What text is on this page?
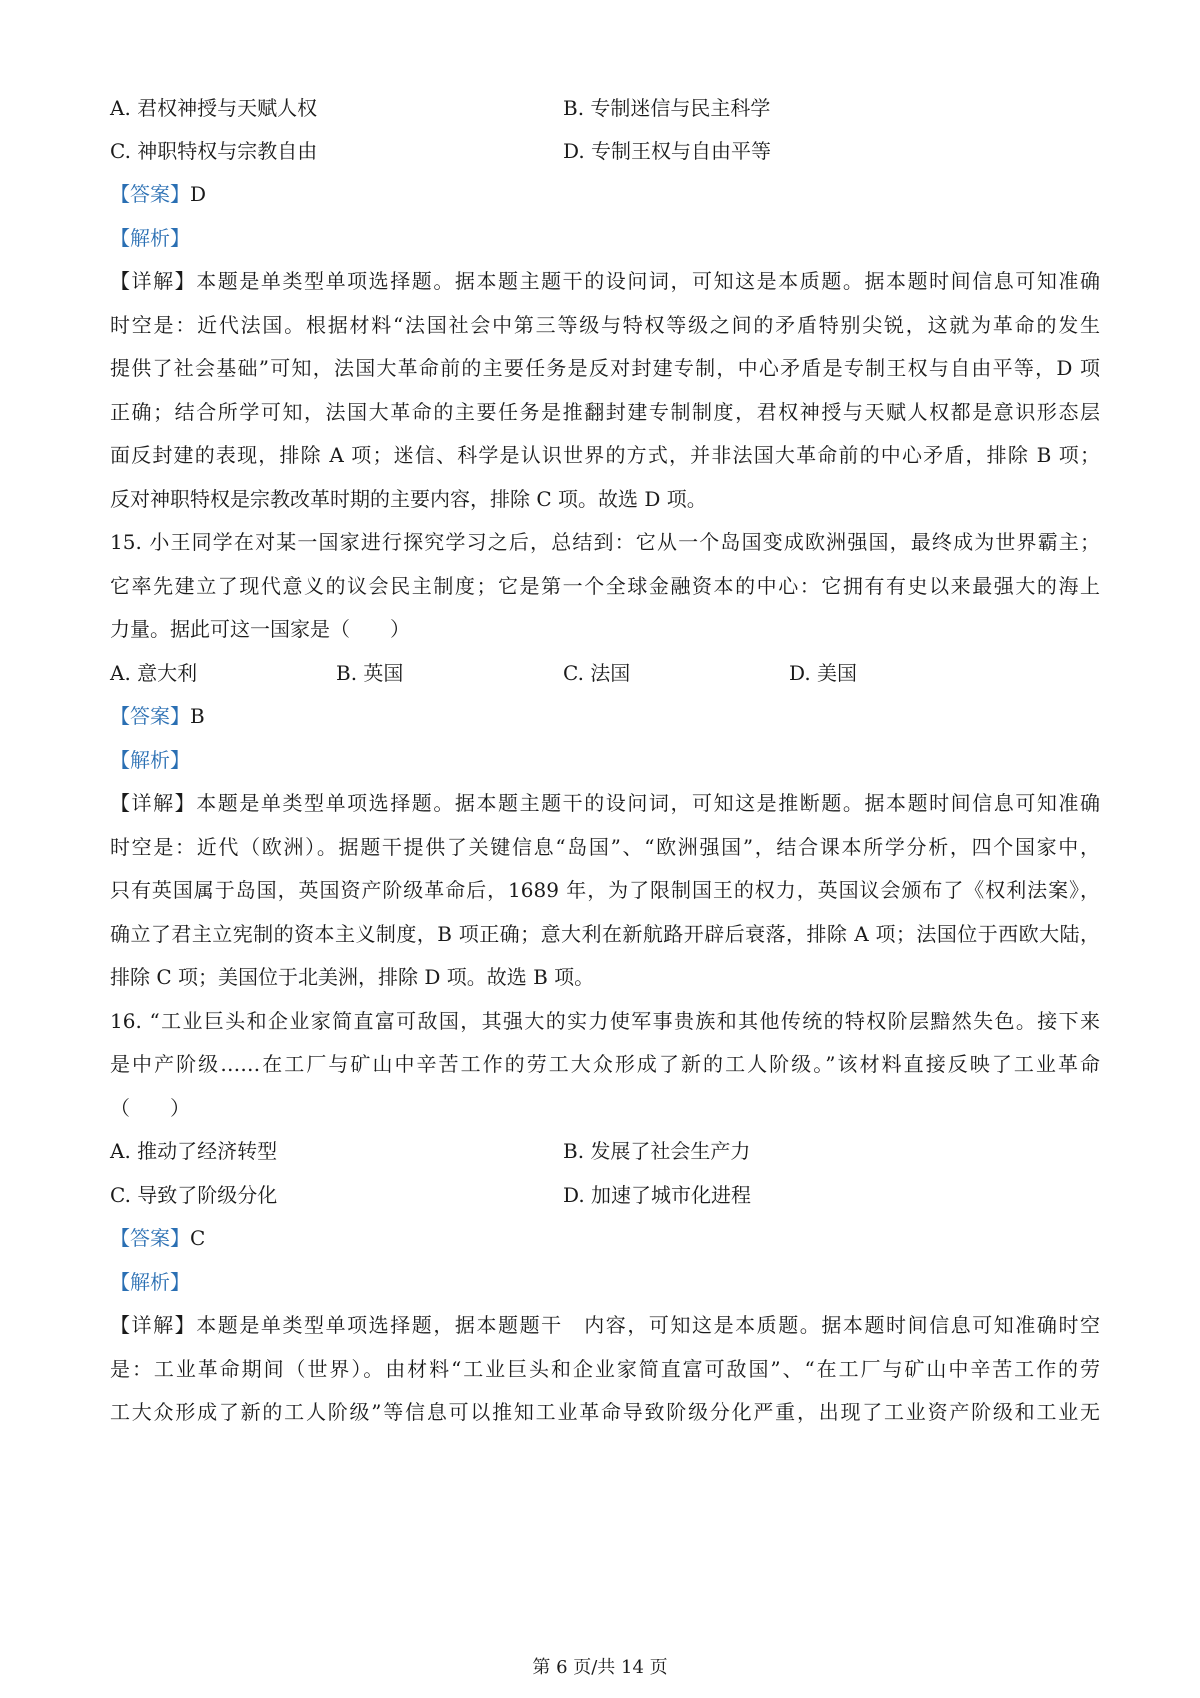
A. 君权神授与天赋人权	B. 专制迷信与民主科学
C. 神职特权与宗教自由	D. 专制王权与自由平等
【答案】D
【解析】
【详解】本题是单类型单项选择题。据本题主题干的设问词，可知这是本质题。据本题时间信息可知准确
时空是：近代法国。根据材料“法国社会中第三等级与特权等级之间的矛盾特别尖锐，这就为革命的发生
提供了社会基础”可知，法国大革命前的主要任务是反对封建专制，中心矛盾是专制王权与自由平等，D 项
正确；结合所学可知，法国大革命的主要任务是推翻封建专制制度，君权神授与天赋人权都是意识形态层
面反封建的表现，排除 A 项；迷信、科学是认识世界的方式，并非法国大革命前的中心矛盾，排除 B 项；
反对神职特权是宗教改革时期的主要内容，排除 C 项。故选 D 项。
15. 小王同学在对某一国家进行探究学习之后，总结到：它从一个岛国变成欧洲强国，最终成为世界霸主；
它率先建立了现代意义的议会民主制度；它是第一个全球金融资本的中心：它拥有有史以来最强大的海上
力量。据此可这一国家是（　　）
A. 意大利	B. 英国	C. 法国	D. 美国
【答案】B
【解析】
【详解】本题是单类型单项选择题。据本题主题干的设问词，可知这是推断题。据本题时间信息可知准确
时空是：近代（欧洲）。据题干提供了关键信息“岛国”、“欧洲强国”，结合课本所学分析，四个国家中，
只有英国属于岛国，英国资产阶级革命后，1689 年，为了限制国王的权力，英国议会颁布了《权利法案》，
确立了君主立宪制的资本主义制度，B 项正确；意大利在新航路开辟后衰落，排除 A 项；法国位于西欧大陆，
排除 C 项；美国位于北美洲，排除 D 项。故选 B 项。
16. “工业巨头和企业家简直富可敌国，其强大的实力使军事贵族和其他传统的特权阶层黯然失色。接下来
是中产阶级……在工厂与矿山中辛苦工作的劳工大众形成了新的工人阶级。”该材料直接反映了工业革命
（　　）
A. 推动了经济转型	B. 发展了社会生产力
C. 导致了阶级分化	D. 加速了城市化进程
【答案】C
【解析】
【详解】本题是单类型单项选择题，据本题题干　内容，可知这是本质题。据本题时间信息可知准确时空
是：工业革命期间（世界）。由材料“工业巨头和企业家简直富可敌国”、“在工厂与矿山中辛苦工作的劳
工大众形成了新的工人阶级”等信息可以推知工业革命导致阶级分化严重，出现了工业资产阶级和工业无
第 6 页/共 14 页
